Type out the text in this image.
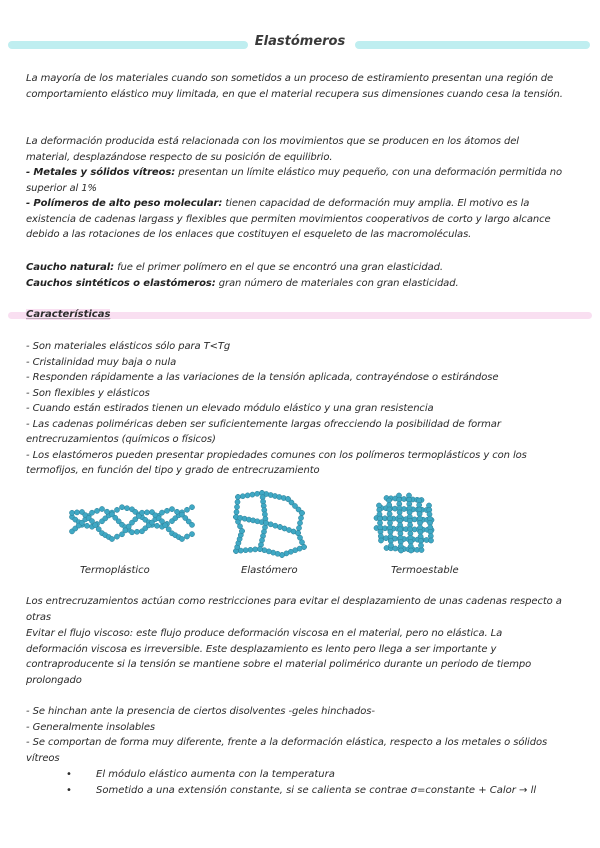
Elastómeros
La mayoría de los materiales cuando son sometidos a un proceso de estiramiento presentan una región de comportamiento elástico muy limitada, en que el material recupera sus dimensiones cuando cesa la tensión.
La deformación producida está relacionada con los movimientos que se producen en los átomos del material, desplazándose respecto de su posición de equilibrio.
- Metales y sólidos vítreos: presentan un límite elástico muy pequeño, con una deformación permitida no superior al 1%
- Polímeros de alto peso molecular: tienen capacidad de deformación muy amplia. El motivo es la existencia de cadenas largass y flexibles que permiten movimientos cooperativos de corto y largo alcance debido a las rotaciones de los enlaces que costituyen el esqueleto de las macromoléculas.
Caucho natural: fue el primer polímero en el que se encontró una gran elasticidad.
Cauchos sintéticos o elastómeros: gran número de materiales con gran elasticidad.
Características
- Son materiales elásticos sólo para T<Tg
- Cristalinidad muy baja o nula
- Responden rápidamente a las variaciones de la tensión aplicada, contrayéndose o estirándose
- Son flexibles y elásticos
- Cuando están estirados tienen un elevado módulo elástico y una gran resistencia
- Las cadenas poliméricas deben ser suficientemente largas ofrecciendo la posibilidad de formar entrecruzamientos (químicos o físicos)
- Los elastómeros pueden presentar propiedades comunes con los polímeros termoplásticos y con los termofijos, en función del tipo y grado de entrecruzamiento
Termoplástico	Elastómero	Termoestable
Los entrecruzamientos actúan como restricciones para evitar el desplazamiento de unas cadenas respecto a otras
Evitar el flujo viscoso: este flujo produce deformación viscosa en el material, pero no elástica. La deformación viscosa es irreversible. Este desplazamiento es lento pero llega a ser importante y contraproducente si la tensión se mantiene sobre el material polimérico durante un periodo de tiempo prolongado
- Se hinchan ante la presencia de ciertos disolventes -geles hinchados-
- Generalmente insolables
- Se comportan de forma muy diferente, frente a la deformación elástica, respecto a los metales o sólidos vítreos
• El módulo elástico aumenta con la temperatura
• Sometido a una extensión constante, si se calienta se contrae σ=constante + Calor → ll
